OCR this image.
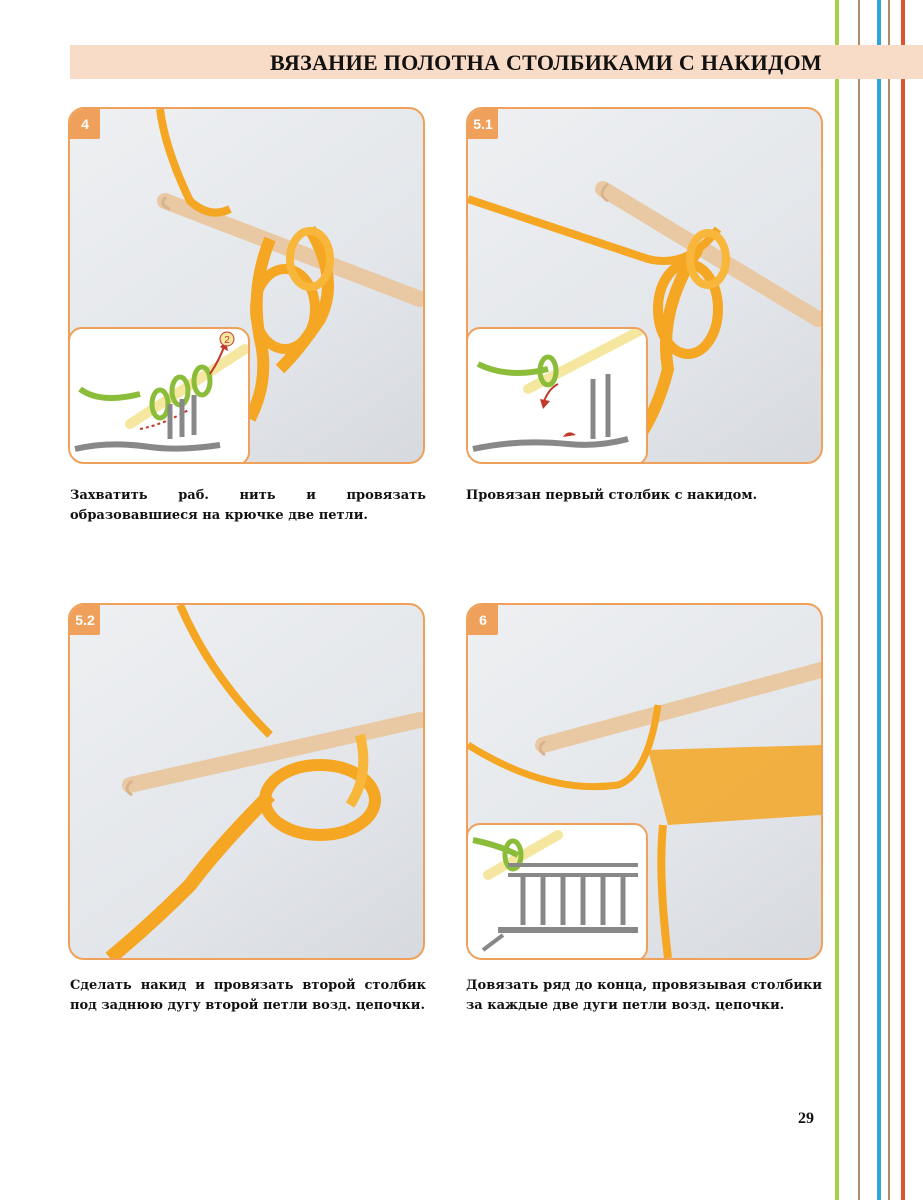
ВЯЗАНИЕ ПОЛОТНА СТОЛБИКАМИ С НАКИДОМ
4
2
Захватить раб. нить и провязать образовавшиеся на крючке две петли.
5.1
Провязан первый столбик с накидом.
5.2
Сделать накид и провязать второй столбик под заднюю дугу второй петли возд. цепочки.
6
Довязать ряд до конца, провязывая столбики за каждые две дуги петли возд. цепочки.
29
